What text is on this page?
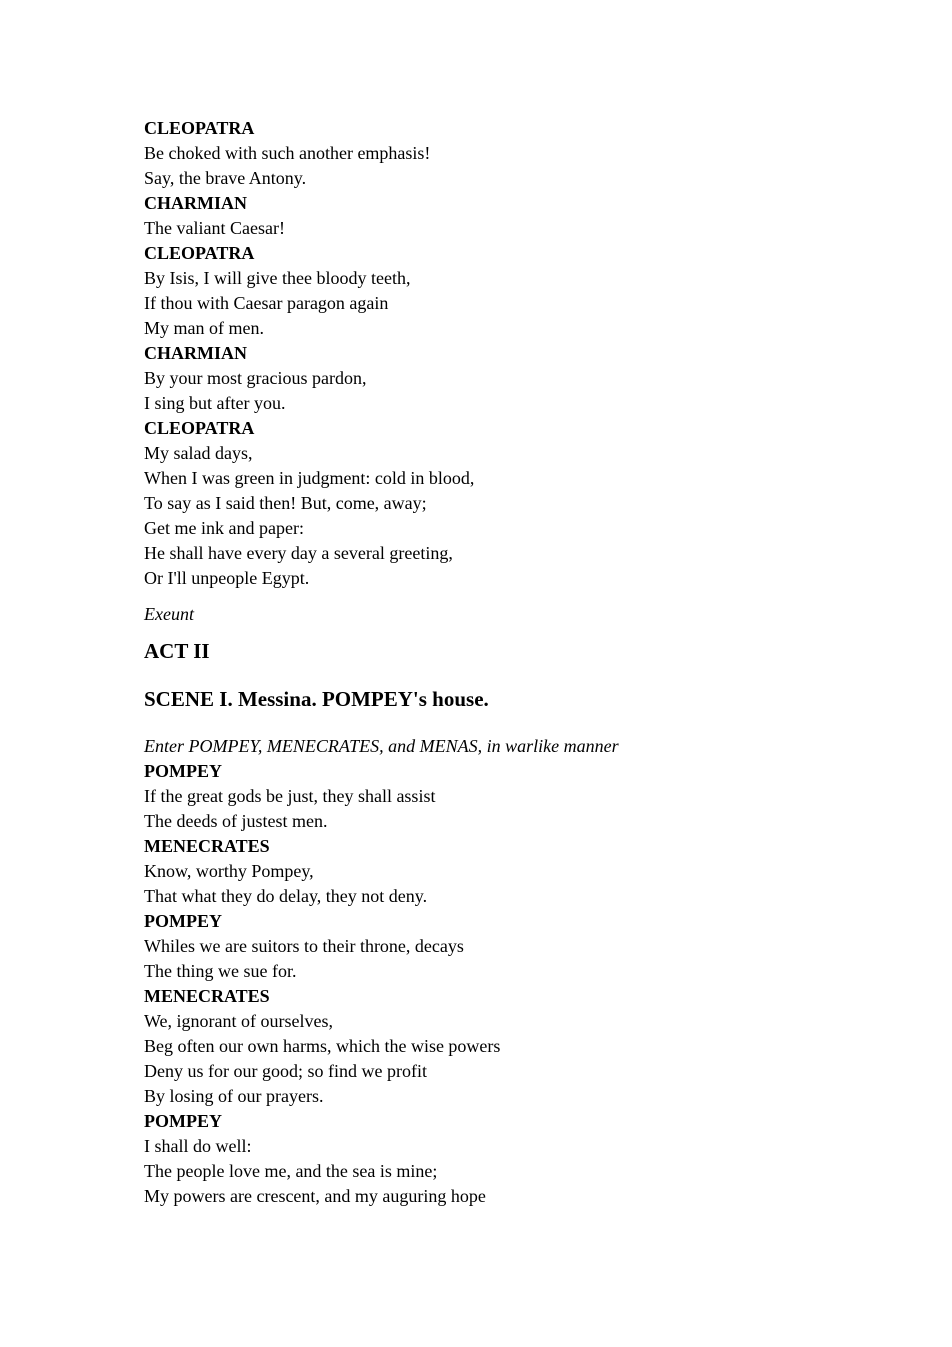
CLEOPATRA
Be choked with such another emphasis!
Say, the brave Antony.
CHARMIAN
The valiant Caesar!
CLEOPATRA
By Isis, I will give thee bloody teeth,
If thou with Caesar paragon again
My man of men.
CHARMIAN
By your most gracious pardon,
I sing but after you.
CLEOPATRA
My salad days,
When I was green in judgment: cold in blood,
To say as I said then! But, come, away;
Get me ink and paper:
He shall have every day a several greeting,
Or I'll unpeople Egypt.
Exeunt
ACT II
SCENE I. Messina. POMPEY's house.
Enter POMPEY, MENECRATES, and MENAS, in warlike manner
POMPEY
If the great gods be just, they shall assist
The deeds of justest men.
MENECRATES
Know, worthy Pompey,
That what they do delay, they not deny.
POMPEY
Whiles we are suitors to their throne, decays
The thing we sue for.
MENECRATES
We, ignorant of ourselves,
Beg often our own harms, which the wise powers
Deny us for our good; so find we profit
By losing of our prayers.
POMPEY
I shall do well:
The people love me, and the sea is mine;
My powers are crescent, and my auguring hope
